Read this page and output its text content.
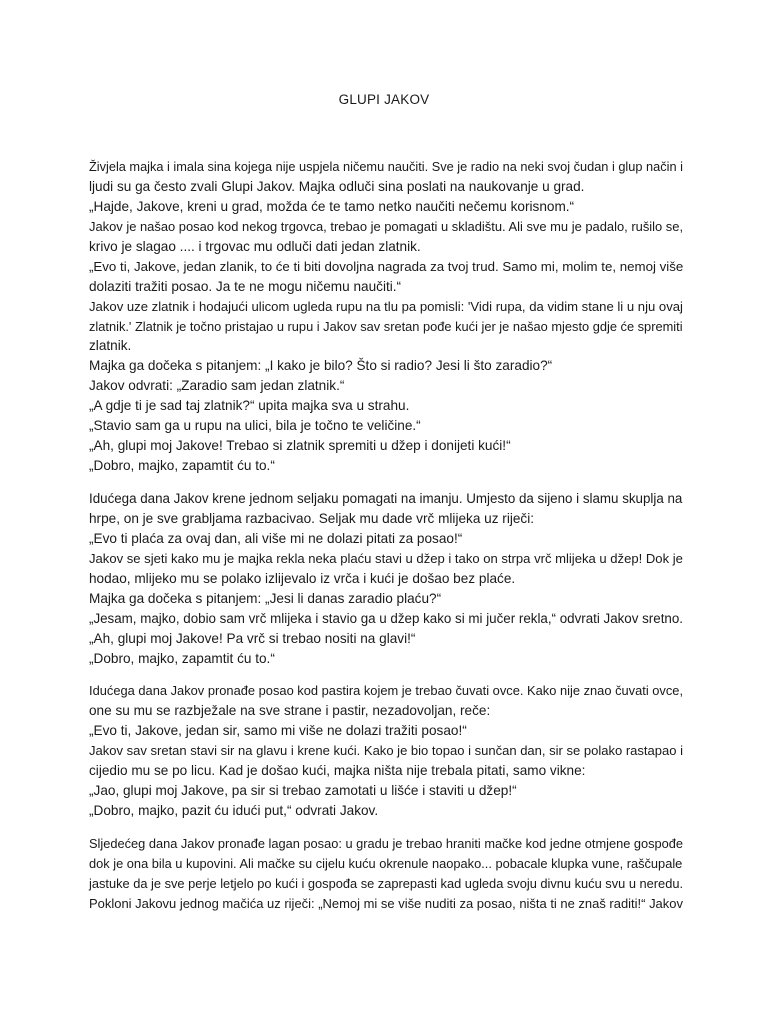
GLUPI JAKOV
Živjela majka i imala sina kojega nije uspjela ničemu naučiti. Sve je radio na neki svoj čudan i glup način i
ljudi su ga često zvali Glupi Jakov. Majka odluči sina poslati na naukovanje u grad.
„Hajde, Jakove, kreni u grad, možda će te tamo netko naučiti nečemu korisnom.“
Jakov je našao posao kod nekog trgovca, trebao je pomagati u skladištu. Ali sve mu je padalo, rušilo se,
krivo je slagao .... i trgovac mu odluči dati jedan zlatnik.
„Evo ti, Jakove, jedan zlanik, to će ti biti dovoljna nagrada za tvoj trud. Samo mi, molim te, nemoj više
dolaziti tražiti posao. Ja te ne mogu ničemu naučiti.“
Jakov uze zlatnik i hodajući ulicom ugleda rupu na tlu pa pomisli: 'Vidi rupa, da vidim stane li u nju ovaj
zlatnik.' Zlatnik je točno pristajao u rupu i Jakov sav sretan pođe kući jer je našao mjesto gdje će spremiti
zlatnik.
Majka ga dočeka s pitanjem: „I kako je bilo? Što si radio? Jesi li što zaradio?“
Jakov odvrati: „Zaradio sam jedan zlatnik.“
„A gdje ti je sad taj zlatnik?“ upita majka sva u strahu.
„Stavio sam ga u rupu na ulici, bila je točno te veličine.“
„Ah, glupi moj Jakove! Trebao si zlatnik spremiti u džep i donijeti kući!“
„Dobro, majko, zapamtit ću to.“
Idućega dana Jakov krene jednom seljaku pomagati na imanju. Umjesto da sijeno i slamu skuplja na
hrpe, on je sve grabljama razbacivao. Seljak mu dade vrč mlijeka uz riječi:
„Evo ti plaća za ovaj dan, ali više mi ne dolazi pitati za posao!“
Jakov se sjeti kako mu je majka rekla neka plaću stavi u džep i tako on strpa vrč mlijeka u džep! Dok je
hodao, mlijeko mu se polako izlijevalo iz vrča i kući je došao bez plaće.
Majka ga dočeka s pitanjem: „Jesi li danas zaradio plaću?“
„Jesam, majko, dobio sam vrč mlijeka i stavio ga u džep kako si mi jučer rekla,“ odvrati Jakov sretno.
„Ah, glupi moj Jakove! Pa vrč si trebao nositi na glavi!“
„Dobro, majko, zapamtit ću to.“
Idućega dana Jakov pronađe posao kod pastira kojem je trebao čuvati ovce. Kako nije znao čuvati ovce,
one su mu se razbježale na sve strane i pastir, nezadovoljan, reče:
„Evo ti, Jakove, jedan sir, samo mi više ne dolazi tražiti posao!“
Jakov sav sretan stavi sir na glavu i krene kući. Kako je bio topao i sunčan dan, sir se polako rastapao i
cijedio mu se po licu. Kad je došao kući, majka ništa nije trebala pitati, samo vikne:
„Jao, glupi moj Jakove, pa sir si trebao zamotati u lišće i staviti u džep!“
„Dobro, majko, pazit ću idući put,“ odvrati Jakov.
Sljedećeg dana Jakov pronađe lagan posao: u gradu je trebao hraniti mačke kod jedne otmjene gospođe
dok je ona bila u kupovini. Ali mačke su cijelu kuću okrenule naopako... pobacale klupka vune, raščupale
jastuke da je sve perje letjelo po kući i gospođa se zaprepasti kad ugleda svoju divnu kuću svu u neredu.
Pokloni Jakovu jednog mačića uz riječi: „Nemoj mi se više nuditi za posao, ništa ti ne znaš raditi!“ Jakov
